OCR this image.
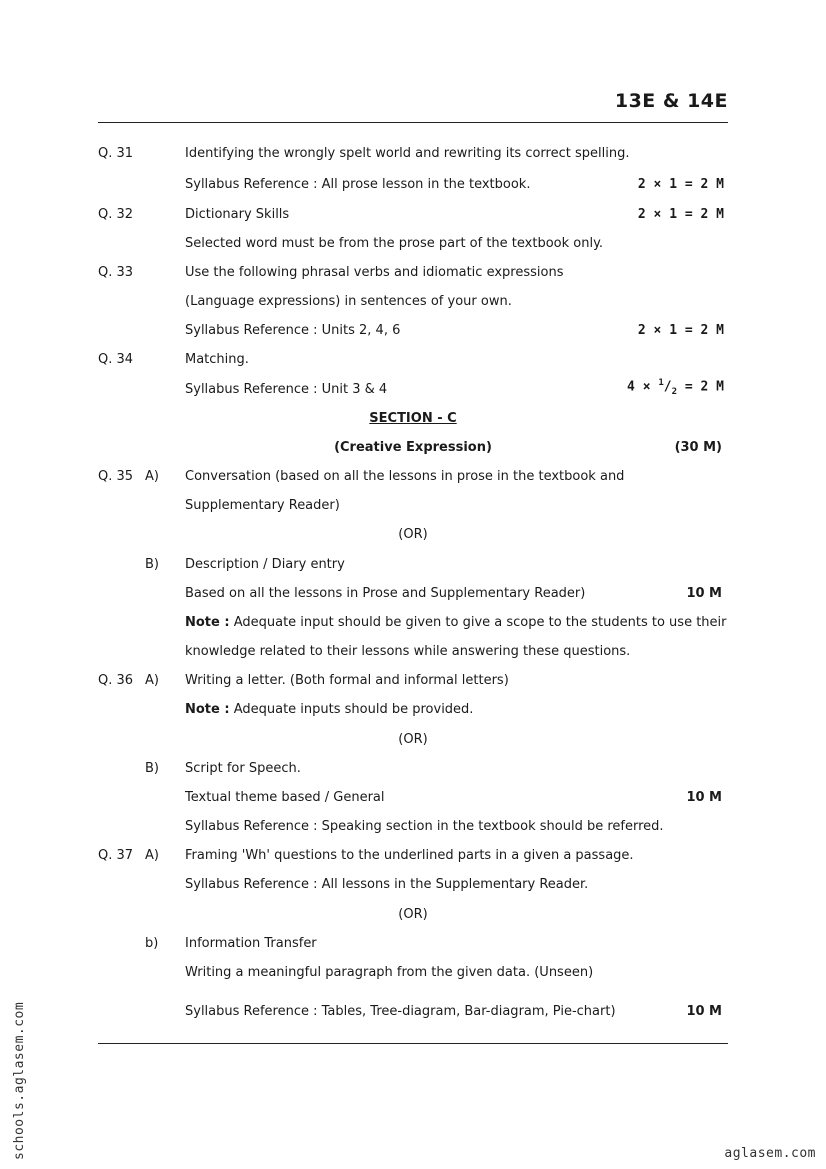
13E & 14E
Q. 31	Identifying the wrongly spelt world and rewriting its correct spelling.
Syllabus Reference : All prose lesson in the textbook.	2 × 1 = 2 M
Q. 32	Dictionary Skills	2 × 1 = 2 M
Selected word must be from the prose part of the textbook only.
Q. 33	Use the following phrasal verbs and idiomatic expressions
(Language expressions) in sentences of your own.
Syllabus Reference : Units 2, 4, 6	2 × 1 = 2 M
Q. 34	Matching.
Syllabus Reference : Unit 3 & 4	$4 \times ^1/_2 = 2$ M
SECTION - C
(Creative Expression)	(30 M)
Q. 35 A) Conversation (based on all the lessons in prose in the textbook and
Supplementary Reader)
(OR)
B) Description / Diary entry
Based on all the lessons in Prose and Supplementary Reader)	10 M
Note : Adequate input should be given to give a scope to the students to use their
knowledge related to their lessons while answering these questions.
Q. 36 A) Writing a letter. (Both formal and informal letters)
Note : Adequate inputs should be provided.
(OR)
B) Script for Speech.
Textual theme based / General	10 M
Syllabus Reference : Speaking section in the textbook should be referred.
Q. 37 A) Framing 'Wh' questions to the underlined parts in a given a passage.
Syllabus Reference : All lessons in the Supplementary Reader.
(OR)
b) Information Transfer
Writing a meaningful paragraph from the given data. (Unseen)
Syllabus Reference : Tables, Tree-diagram, Bar-diagram, Pie-chart)	10 M
schools.aglasem.com	aglasem.com
